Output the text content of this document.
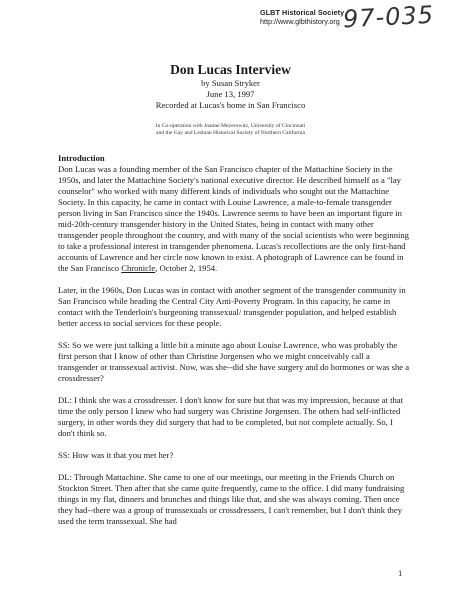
GLBT Historical Society
http://www.glbthistory.org 97-035
Don Lucas Interview
by Susan Stryker
June 13, 1997
Recorded at Lucas's home in San Francisco
In Co-operation with Joanne Meyerowitz, University of Cincinnati
and the Gay and Lesbian Historical Society of Northern California

Introduction
Don Lucas was a founding member of the San Francisco chapter of the Mattachine Society in the 1950s, and later the Mattachine Society's national executive director. He described himself as a "lay counselor" who worked with many different kinds of individuals who sought out the Mattachine Society. In this capacity, he came in contact with Louise Lawrence, a male-to-female transgender person living in San Francisco since the 1940s. Lawrence seems to have been an important figure in mid-20th-century transgender history in the United States, being in contact with many other transgender people throughout the country, and with many of the social scientists who were beginning to take a professional interest in transgender phenomena. Lucas's recollections are the only first-hand accounts of Lawrence and her circle now known to exist. A photograph of Lawrence can be found in the San Francisco Chronicle, October 2, 1954.

Later, in the 1960s, Don Lucas was in contact with another segment of the transgender community in San Francisco while heading the Central City Anti-Poverty Program. In this capacity, he came in contact with the Tenderloin's burgeoning transsexual/ transgender population, and helped establish better access to social services for these people.

SS: So we were just talking a little bit a minute ago about Louise Lawrence, who was probably the first person that I know of other than Christine Jorgensen who we might conceivably call a transgender or transsexual activist. Now, was she--did she have surgery and do hormones or was she a crossdresser?

DL: I think she was a crossdresser. I don't know for sure but that was my impression, because at that time the only person I knew who had surgery was Christine Jorgensen. The others had self-inflicted surgery, in other words they did surgery that had to be completed, but not complete actually. So, I don't think so.

SS: How was it that you met her?

DL: Through Mattachine. She came to one of our meetings, our meeting in the Friends Church on Stockton Street. Then after that she came quite frequently, came to the office. I did many fundraising things in my flat, dinners and brunches and things like that, and she was always coming. Then once they had--there was a group of transsexuals or crossdressers, I can't remember, but I don't think they used the term transsexual. She had

1
